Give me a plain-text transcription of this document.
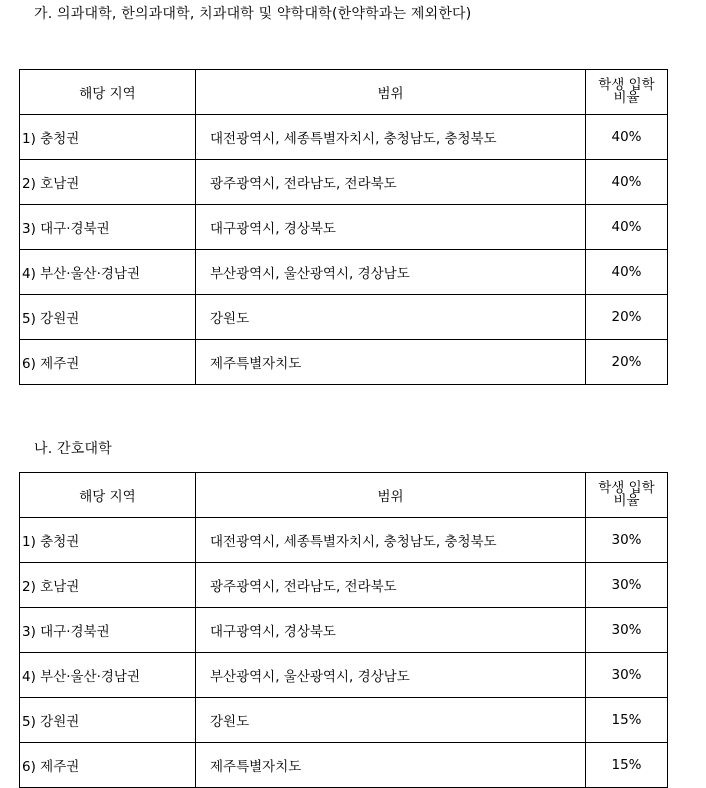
가. 의과대학, 한의과대학, 치과대학 및 약학대학(한약학과는 제외한다)
해당 지역	범위	학생 입학
비율
1) 충청권	대전광역시, 세종특별자치시, 충청남도, 충청북도	40%
2) 호남권	광주광역시, 전라남도, 전라북도	40%
3) 대구·경북권	대구광역시, 경상북도	40%
4) 부산·울산·경남권	부산광역시, 울산광역시, 경상남도	40%
5) 강원권	강원도	20%
6) 제주권	제주특별자치도	20%
나. 간호대학
해당 지역	범위	학생 입학
비율
1) 충청권	대전광역시, 세종특별자치시, 충청남도, 충청북도	30%
2) 호남권	광주광역시, 전라남도, 전라북도	30%
3) 대구·경북권	대구광역시, 경상북도	30%
4) 부산·울산·경남권	부산광역시, 울산광역시, 경상남도	30%
5) 강원권	강원도	15%
6) 제주권	제주특별자치도	15%
